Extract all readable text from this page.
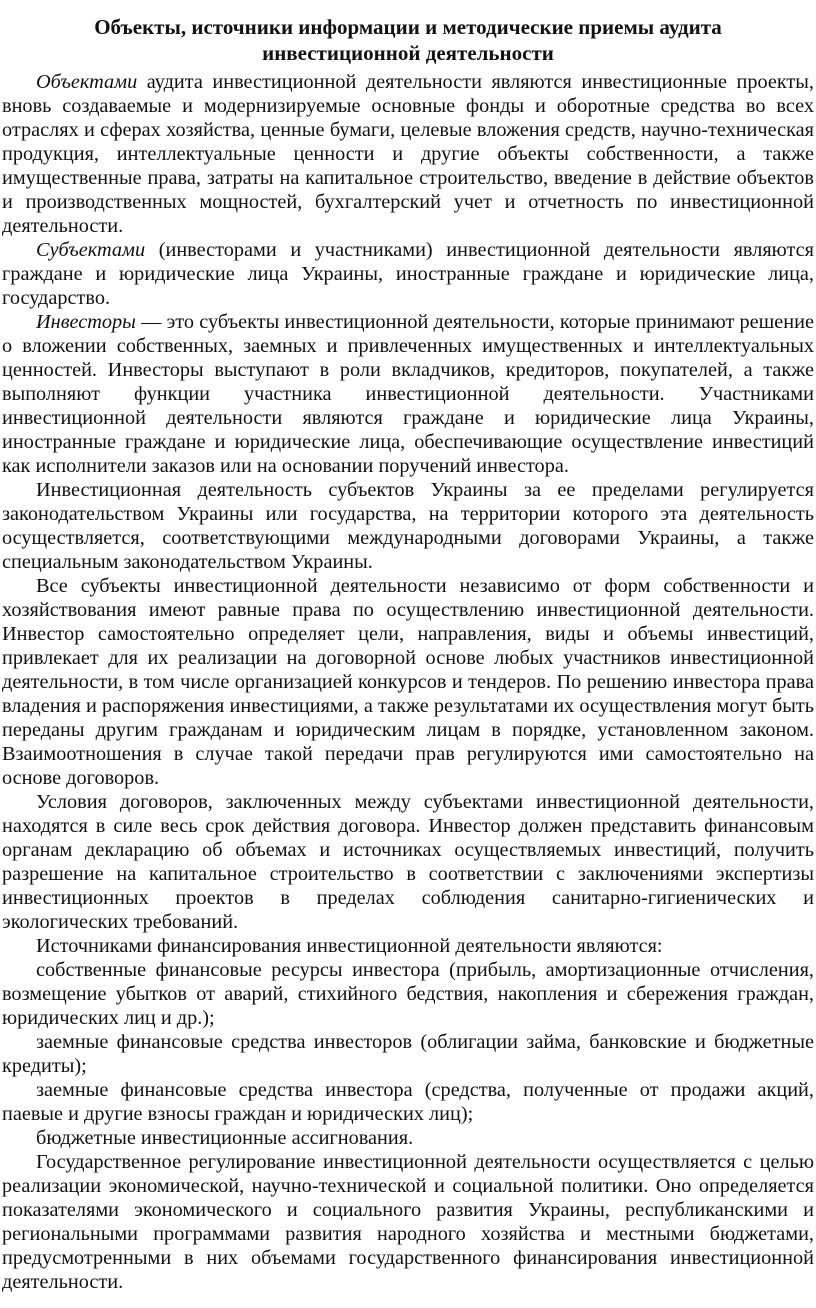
Объекты, источники информации и методические приемы аудита
инвестиционной деятельности

Объектами аудита инвестиционной деятельности являются инвестиционные проекты, вновь создаваемые и модернизируемые основные фонды и оборотные средства во всех отраслях и сферах хозяйства, ценные бумаги, целевые вложения средств, научно-техническая продукция, интеллектуальные ценности и другие объекты собственности, а также имущественные права, затраты на капитальное строительство, введение в действие объектов и производственных мощностей, бухгалтерский учет и отчетность по инвестиционной деятельности.

Субъектами (инвесторами и участниками) инвестиционной деятельности являются граждане и юридические лица Украины, иностранные граждане и юридические лица, государство.

Инвесторы — это субъекты инвестиционной деятельности, которые принимают решение о вложении собственных, заемных и привлеченных имущественных и интеллектуальных ценностей. Инвесторы выступают в роли вкладчиков, кредиторов, покупателей, а также выполняют функции участника инвестиционной деятельности. Участниками инвестиционной деятельности являются граждане и юридические лица Украины, иностранные граждане и юридические лица, обеспечивающие осуществление инвестиций как исполнители заказов или на основании поручений инвестора.

Инвестиционная деятельность субъектов Украины за ее пределами регулируется законодательством Украины или государства, на территории которого эта деятельность осуществляется, соответствующими международными договорами Украины, а также специальным законодательством Украины.

Все субъекты инвестиционной деятельности независимо от форм собственности и хозяйствования имеют равные права по осуществлению инвестиционной деятельности. Инвестор самостоятельно определяет цели, направления, виды и объемы инвестиций, привлекает для их реализации на договорной основе любых участников инвестиционной деятельности, в том числе организацией конкурсов и тендеров. По решению инвестора права владения и распоряжения инвестициями, а также результатами их осуществления могут быть переданы другим гражданам и юридическим лицам в порядке, установленном законом. Взаимоотношения в случае такой передачи прав регулируются ими самостоятельно на основе договоров.

Условия договоров, заключенных между субъектами инвестиционной деятельности, находятся в силе весь срок действия договора. Инвестор должен представить финансовым органам декларацию об объемах и источниках осуществляемых инвестиций, получить разрешение на капитальное строительство в соответствии с заключениями экспертизы инвестиционных проектов в пределах соблюдения санитарно-гигиенических и экологических требований.

Источниками финансирования инвестиционной деятельности являются:

собственные финансовые ресурсы инвестора (прибыль, амортизационные отчисления, возмещение убытков от аварий, стихийного бедствия, накопления и сбережения граждан, юридических лиц и др.);

заемные финансовые средства инвесторов (облигации займа, банковские и бюджетные кредиты);

заемные финансовые средства инвестора (средства, полученные от продажи акций, паевые и другие взносы граждан и юридических лиц);

бюджетные инвестиционные ассигнования.

Государственное регулирование инвестиционной деятельности осуществляется с целью реализации экономической, научно-технической и социальной политики. Оно определяется показателями экономического и социального развития Украины, республиканскими и региональными программами развития народного хозяйства и местными бюджетами, предусмотренными в них объемами государственного финансирования инвестиционной деятельности.
